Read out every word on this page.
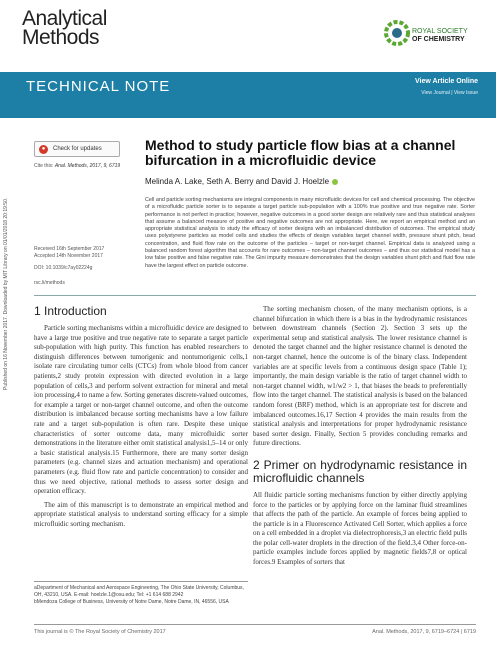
Analytical Methods	ROYAL SOCIETY
OF CHEMISTRY
TECHNICAL NOTE	View Article Online
View Journal | View Issue
Published on 16 November 2017. Downloaded by MIT Library on 01/01/2018 20:19:50.
●	Check for updates
Cite this: Anal. Methods, 2017, 9, 6719
Method to study particle flow bias at a channel bifurcation in a microfluidic device
Melinda A. Lake, Seth A. Berry and David J. Hoelzle
Cell and particle sorting mechanisms are integral components in many microfluidic devices for cell and chemical processing. The objective of a microfluidic particle sorter is to separate a target particle sub-population with a 100% true positive and true negative rate. Sorter performance is not perfect in practice; however, negative outcomes in a good sorter design are relatively rare and thus statistical analyses that assume a balanced measure of positive and negative outcomes are not appropriate. Here, we report an empirical method and an appropriate statistical analysis to study the efficacy of sorter designs with an imbalanced distribution of outcomes. The empirical study uses polystyrene particles as model cells and studies the effects of design variables target channel width, pressure shunt pitch, bead concentration, and fluid flow rate on the outcome of the particles – target or non-target channel. Empirical data is analyzed using a balanced random forest algorithm that accounts for rare outcomes – non-target channel outcomes – and thus our statistical model has a low false positive and false negative rate. The Gini impurity measure demonstrates that the design variables shunt pitch and fluid flow rate have the largest effect on particle outcome.
Received 16th September 2017
Accepted 14th November 2017
DOI: 10.1039/c7ay02224g
rsc.li/methods
1 Introduction

Particle sorting mechanisms within a microfluidic device are designed to have a large true positive and true negative rate to separate a target particle sub-population with high purity. This function has enabled researchers to distinguish differences between tumorigenic and nontumorigenic cells,1 isolate rare circulating tumor cells (CTCs) from whole blood from cancer patients,2 study protein expression with directed evolution in a large population of cells,3 and perform solvent extraction for mineral and metal ion processing,4 to name a few. Sorting generates discrete-valued outcomes, for example a target or non-target channel outcome, and often the outcome distribution is imbalanced because sorting mechanisms have a low failure rate and a target sub-population is often rare. Despite these unique characteristics of sorter outcome data, many microfluidic sorter demonstrations in the literature either omit statistical analysis1,5–14 or only a basic statistical analysis.15 Furthermore, there are many sorter design parameters (e.g. channel sizes and actuation mechanism) and operational parameters (e.g. fluid flow rate and particle concentration) to consider and thus we need objective, rational methods to assess sorter design and operation efficacy.

The aim of this manuscript is to demonstrate an empirical method and appropriate statistical analysis to understand sorting efficacy for a simple microfluidic sorting mechanism.

The sorting mechanism chosen, of the many mechanism options, is a channel bifurcation in which there is a bias in the hydrodynamic resistances between downstream channels (Section 2). Section 3 sets up the experimental setup and statistical analysis. The lower resistance channel is denoted the target channel and the higher resistance channel is denoted the non-target channel, hence the outcome is of the binary class. Independent variables are at specific levels from a continuous design space (Table 1); importantly, the main design variable is the ratio of target channel width to non-target channel width, w1/w2 > 1, that biases the beads to preferentially flow into the target channel. The statistical analysis is based on the balanced random forest (BRF) method, which is an appropriate test for discrete and imbalanced outcomes.16,17 Section 4 provides the main results from the statistical analysis and interpretations for proper hydrodynamic resistance based sorter design. Finally, Section 5 provides concluding remarks and future directions.

2 Primer on hydrodynamic resistance in microfluidic channels

All fluidic particle sorting mechanisms function by either directly applying force to the particles or by applying force on the laminar fluid streamlines that affects the path of the particle. An example of forces being applied to the particle is in a Fluorescence Activated Cell Sorter, which applies a force on a cell embedded in a droplet via dielectrophoresis,3 an electric field pulls the polar cell-water droplets in the direction of the field.3,4 Other force-on-particle examples include forces applied by magnetic fields7,8 or optical forces.9 Examples of sorters that

aDepartment of Mechanical and Aerospace Engineering, The Ohio State University, Columbus, OH, 43210, USA. E-mail: hoelzle.1@osu.edu; Tel: +1 614 688 2942
bMendoza College of Business, University of Notre Dame, Notre Dame, IN, 46556, USA
This journal is © The Royal Society of Chemistry 2017	Anal. Methods, 2017, 9, 6719–6724 | 6719
